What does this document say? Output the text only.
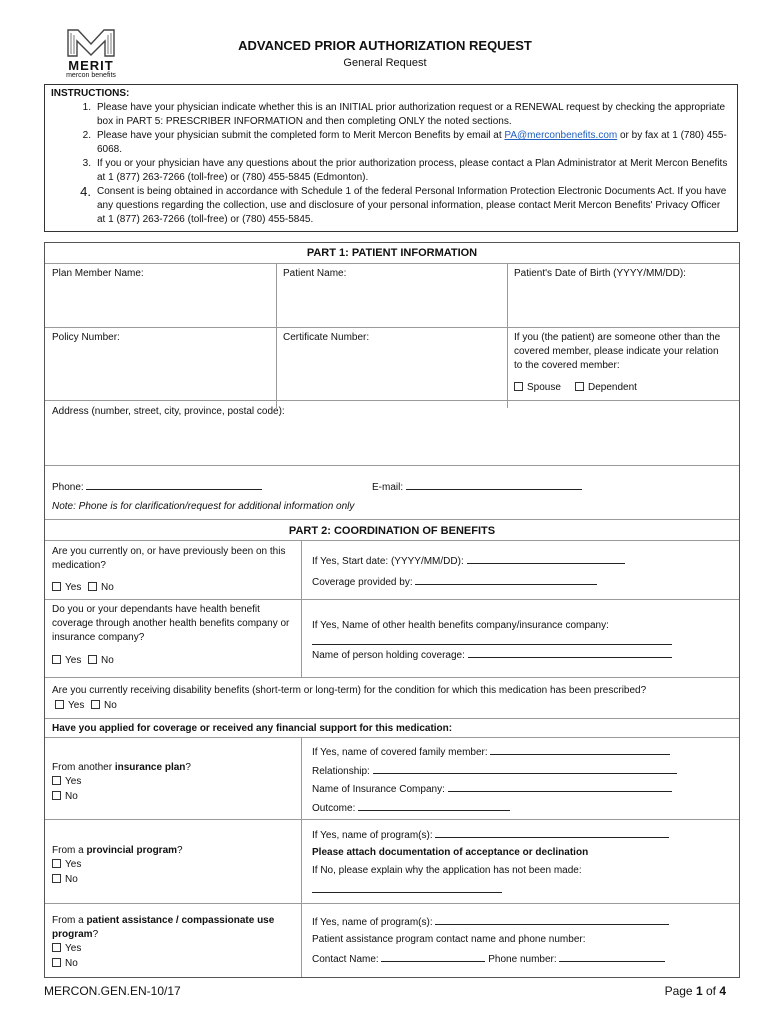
MERIT
mercon benefits
ADVANCED PRIOR AUTHORIZATION REQUEST
General Request
INSTRUCTIONS:
1. Please have your physician indicate whether this is an INITIAL prior authorization request or a RENEWAL request by checking the appropriate box in PART 5: PRESCRIBER INFORMATION and then completing ONLY the noted sections.
2. Please have your physician submit the completed form to Merit Mercon Benefits by email at PA@merconbenefits.com or by fax at 1 (780) 455-6068.
3. If you or your physician have any questions about the prior authorization process, please contact a Plan Administrator at Merit Mercon Benefits at 1 (877) 263-7266 (toll-free) or (780) 455-5845 (Edmonton).
4. Consent is being obtained in accordance with Schedule 1 of the federal Personal Information Protection Electronic Documents Act. If you have any questions regarding the collection, use and disclosure of your personal information, please contact Merit Mercon Benefits' Privacy Officer at 1 (877) 263-7266 (toll-free) or (780) 455-5845.
PART 1: PATIENT INFORMATION
Plan Member Name:	Patient Name:	Patient's Date of Birth (YYYY/MM/DD):
Policy Number:	Certificate Number:	If you (the patient) are someone other than the covered member, please indicate your relation to the covered member:
Spouse	Dependent
Address (number, street, city, province, postal code):
Phone:	E-mail:
Note: Phone is for clarification/request for additional information only
PART 2: COORDINATION OF BENEFITS
Are you currently on, or have previously been on this medication?
Yes	No
If Yes, Start date: (YYYY/MM/DD):
Coverage provided by:
Do you or your dependants have health benefit coverage through another health benefits company or insurance company?
Yes	No
If Yes, Name of other health benefits company/insurance company:
Name of person holding coverage:
Are you currently receiving disability benefits (short-term or long-term) for the condition for which this medication has been prescribed?
Yes	No
Have you applied for coverage or received any financial support for this medication:
From another insurance plan?
Yes
No
If Yes, name of covered family member:
Relationship:
Name of Insurance Company:
Outcome:
From a provincial program?
Yes
No
If Yes, name of program(s):
Please attach documentation of acceptance or declination
If No, please explain why the application has not been made:
From a patient assistance / compassionate use program?
Yes
No
If Yes, name of program(s):
Patient assistance program contact name and phone number:
Contact Name:	Phone number:
MERCON.GEN.EN-10/17	Page 1 of 4
